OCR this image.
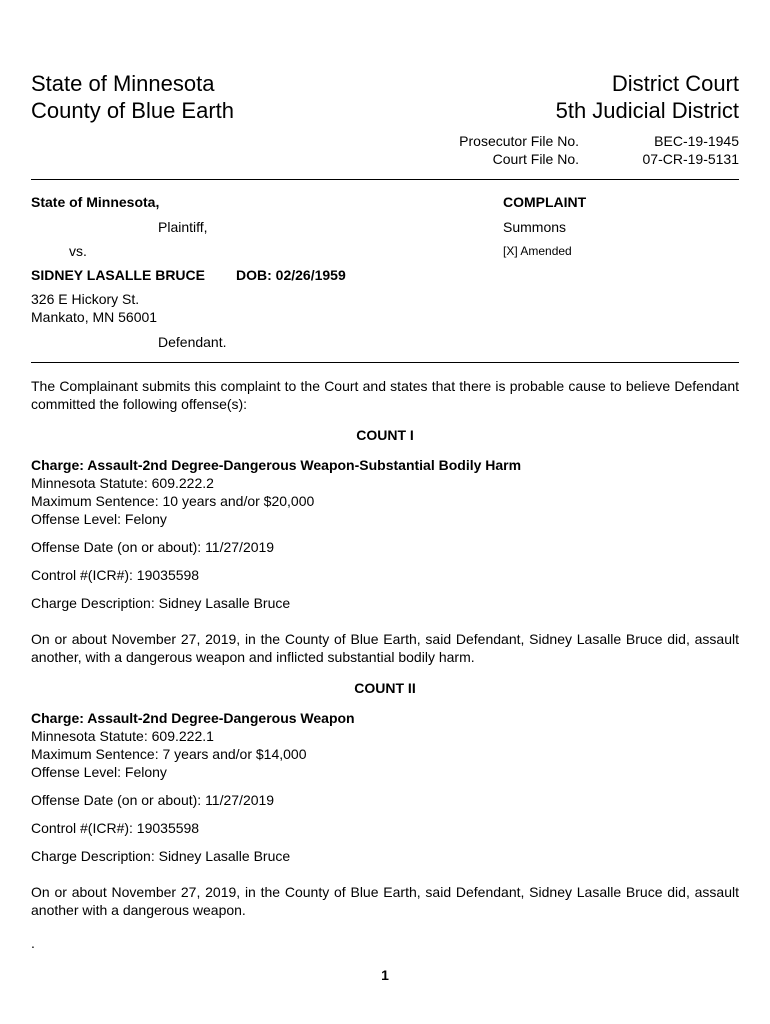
State of Minnesota
County of Blue Earth
District Court
5th Judicial District
Prosecutor File No.	BEC-19-1945
Court File No.	07-CR-19-5131
State of Minnesota,
Plaintiff,
vs.
SIDNEY LASALLE BRUCE DOB: 02/26/1959
326 E Hickory St.
Mankato, MN 56001
Defendant.
COMPLAINT
Summons
[X] Amended
The Complainant submits this complaint to the Court and states that there is probable cause to believe Defendant committed the following offense(s):
COUNT I
Charge: Assault-2nd Degree-Dangerous Weapon-Substantial Bodily Harm
Minnesota Statute: 609.222.2
Maximum Sentence: 10 years and/or $20,000
Offense Level: Felony
Offense Date (on or about): 11/27/2019
Control #(ICR#): 19035598
Charge Description: Sidney Lasalle Bruce
On or about November 27, 2019, in the County of Blue Earth, said Defendant, Sidney Lasalle Bruce did, assault another, with a dangerous weapon and inflicted substantial bodily harm.
COUNT II
Charge: Assault-2nd Degree-Dangerous Weapon
Minnesota Statute: 609.222.1
Maximum Sentence: 7 years and/or $14,000
Offense Level: Felony
Offense Date (on or about): 11/27/2019
Control #(ICR#): 19035598
Charge Description: Sidney Lasalle Bruce
On or about November 27, 2019, in the County of Blue Earth, said Defendant, Sidney Lasalle Bruce did, assault another with a dangerous weapon.
.
1
